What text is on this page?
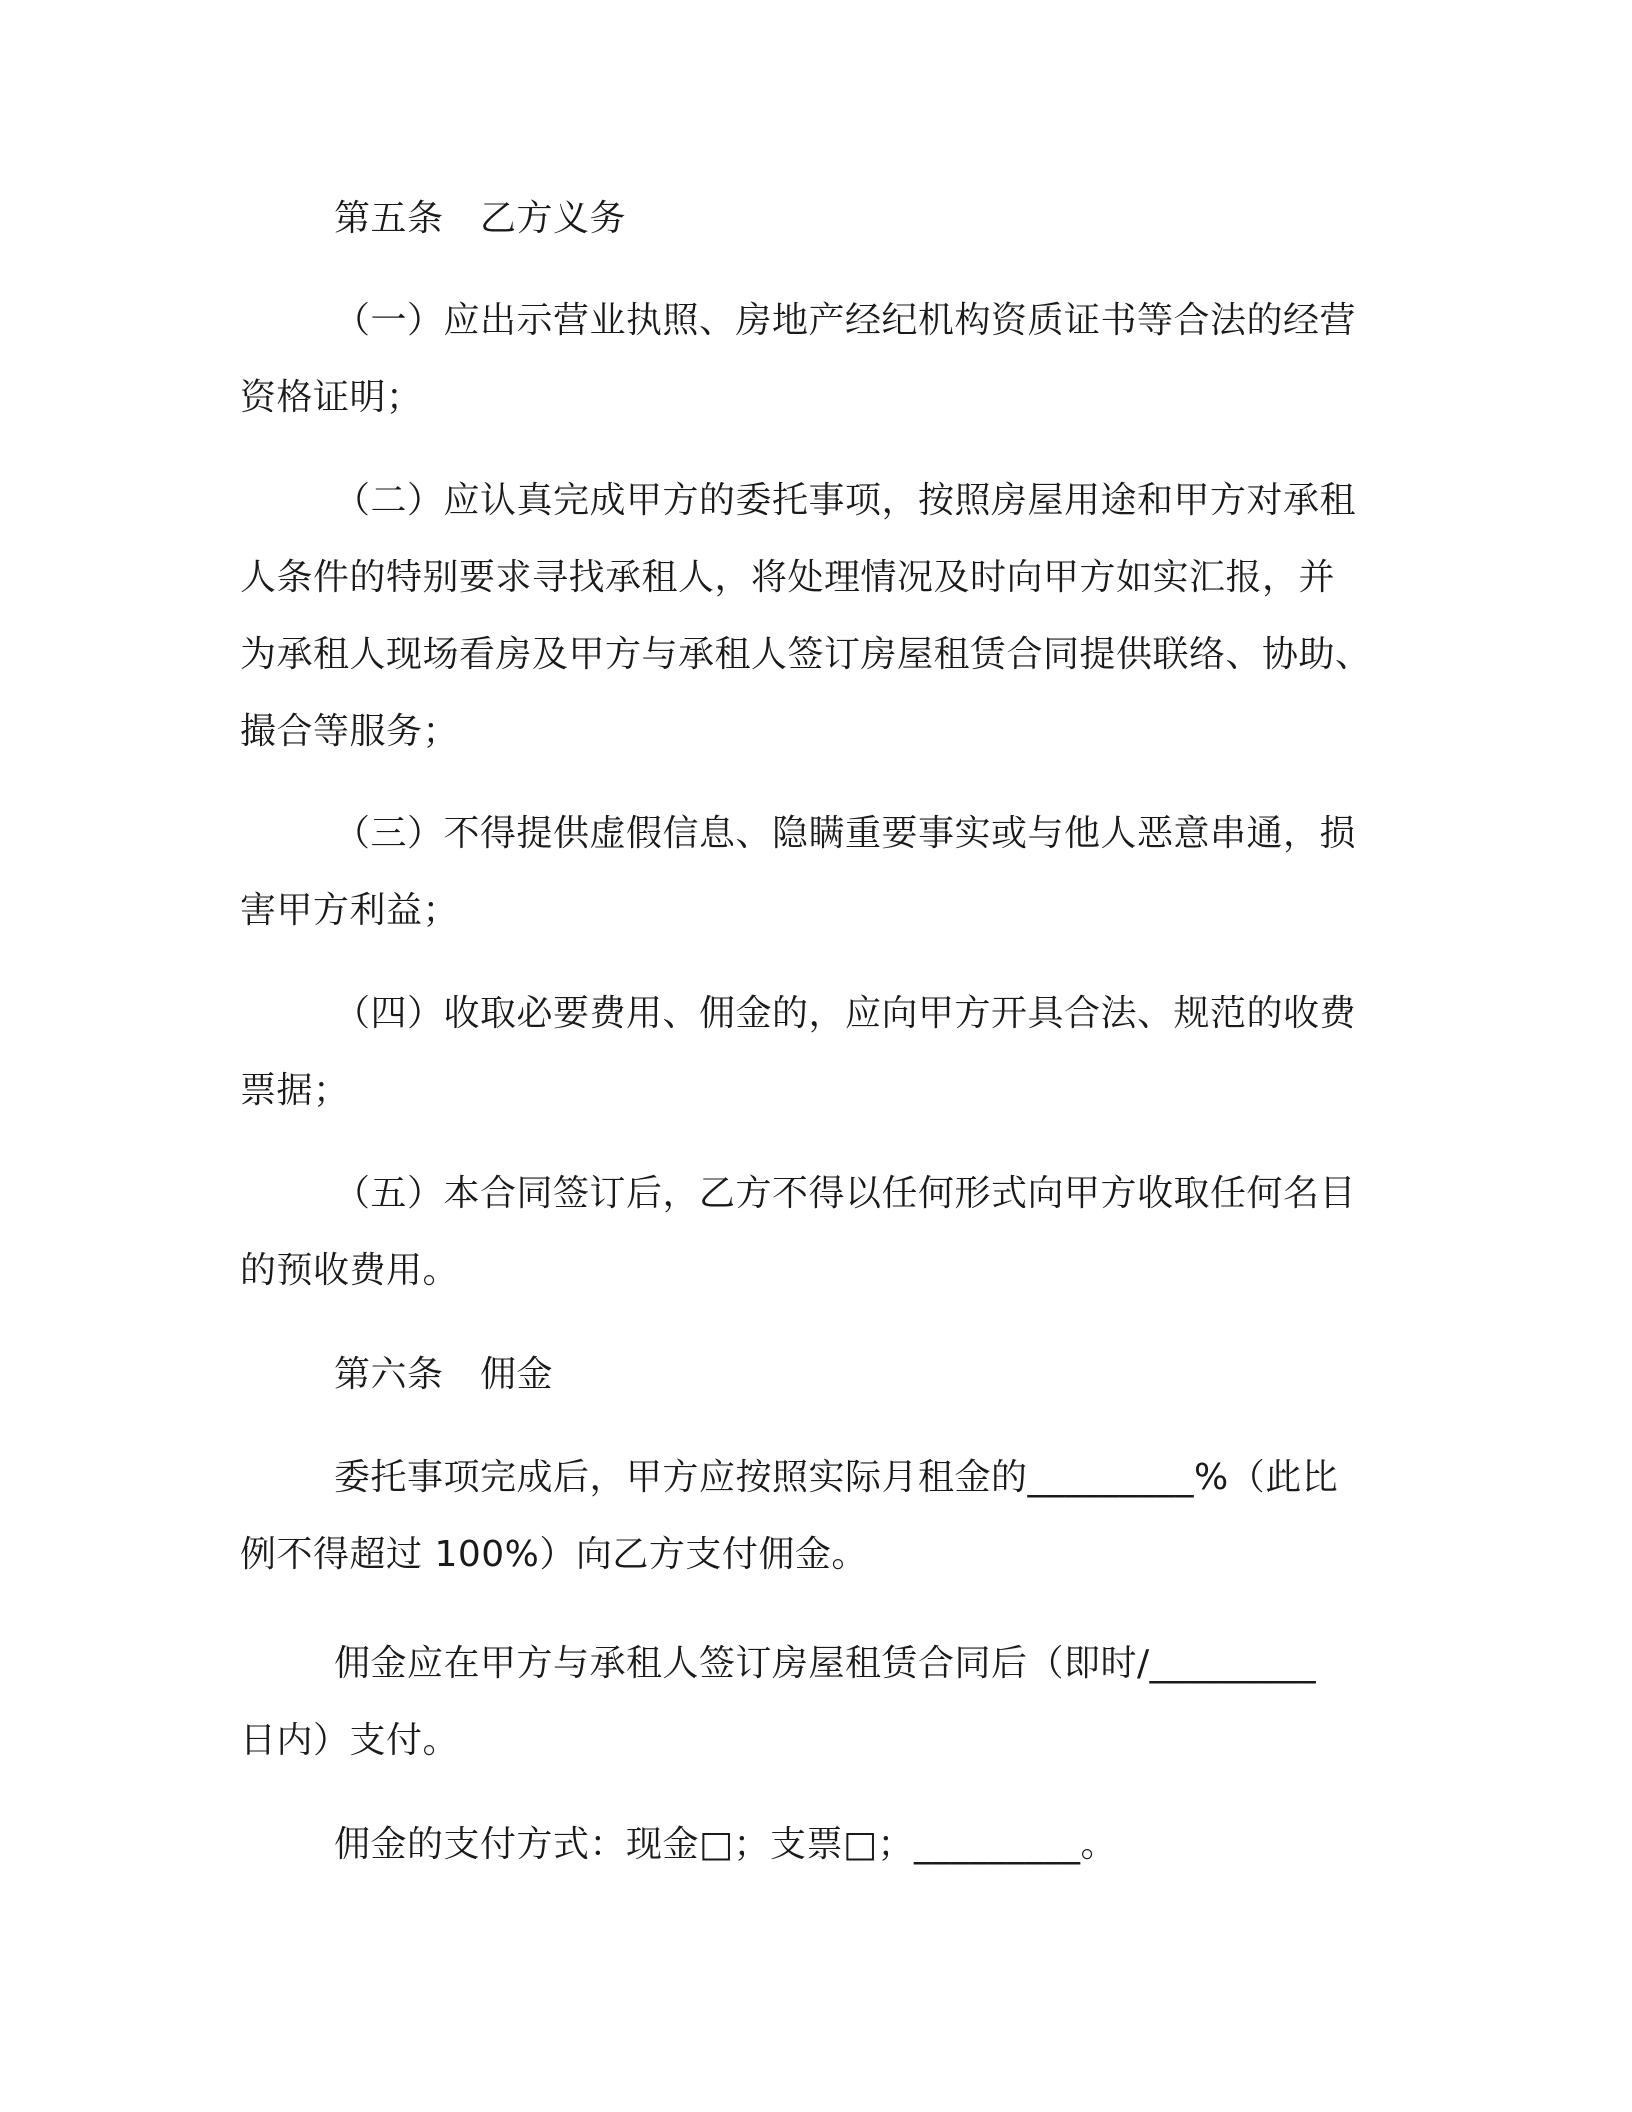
第五条　乙方义务

（一）应出示营业执照、房地产经纪机构资质证书等合法的经营
资格证明；
（二）应认真完成甲方的委托事项，按照房屋用途和甲方对承租
人条件的特别要求寻找承租人，将处理情况及时向甲方如实汇报，并
为承租人现场看房及甲方与承租人签订房屋租赁合同提供联络、协助、
撮合等服务；
（三）不得提供虚假信息、隐瞒重要事实或与他人恶意串通，损
害甲方利益；
（四）收取必要费用、佣金的，应向甲方开具合法、规范的收费
票据；
（五）本合同签订后，乙方不得以任何形式向甲方收取任何名目
的预收费用。

第六条　佣金

委托事项完成后，甲方应按照实际月租金的_________%（此比
例不得超过 100%）向乙方支付佣金。
佣金应在甲方与承租人签订房屋租赁合同后（即时/_________
日内）支付。
佣金的支付方式：现金□；支票□；_________。
